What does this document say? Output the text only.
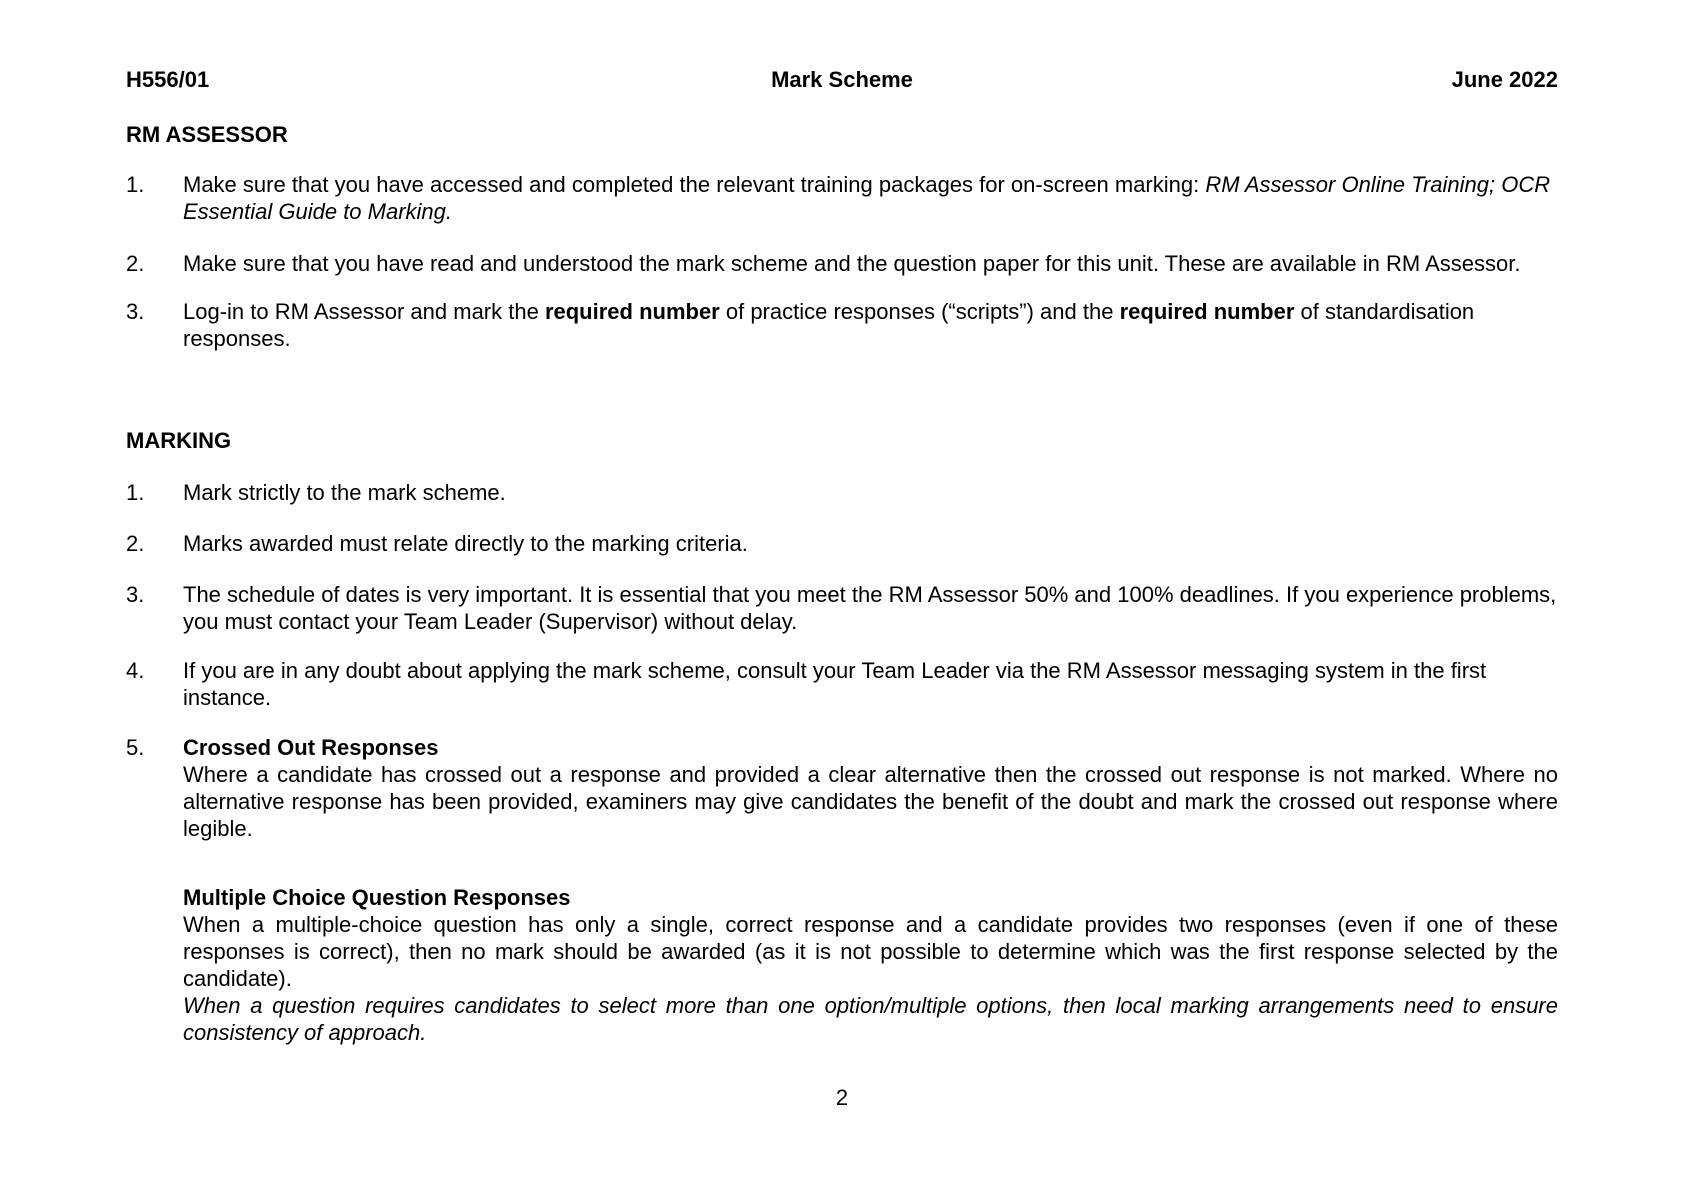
H556/01	Mark Scheme	June 2022
RM ASSESSOR
1.	Make sure that you have accessed and completed the relevant training packages for on-screen marking: RM Assessor Online Training; OCR Essential Guide to Marking.
2.	Make sure that you have read and understood the mark scheme and the question paper for this unit. These are available in RM Assessor.
3.	Log-in to RM Assessor and mark the required number of practice responses (“scripts”) and the required number of standardisation responses.
MARKING
1.	Mark strictly to the mark scheme.
2.	Marks awarded must relate directly to the marking criteria.
3.	The schedule of dates is very important. It is essential that you meet the RM Assessor 50% and 100% deadlines. If you experience problems, you must contact your Team Leader (Supervisor) without delay.
4.	If you are in any doubt about applying the mark scheme, consult your Team Leader via the RM Assessor messaging system in the first instance.
5.	Crossed Out Responses
Where a candidate has crossed out a response and provided a clear alternative then the crossed out response is not marked. Where no alternative response has been provided, examiners may give candidates the benefit of the doubt and mark the crossed out response where legible.
Multiple Choice Question Responses
When a multiple-choice question has only a single, correct response and a candidate provides two responses (even if one of these responses is correct), then no mark should be awarded (as it is not possible to determine which was the first response selected by the candidate).
When a question requires candidates to select more than one option/multiple options, then local marking arrangements need to ensure consistency of approach.
2
